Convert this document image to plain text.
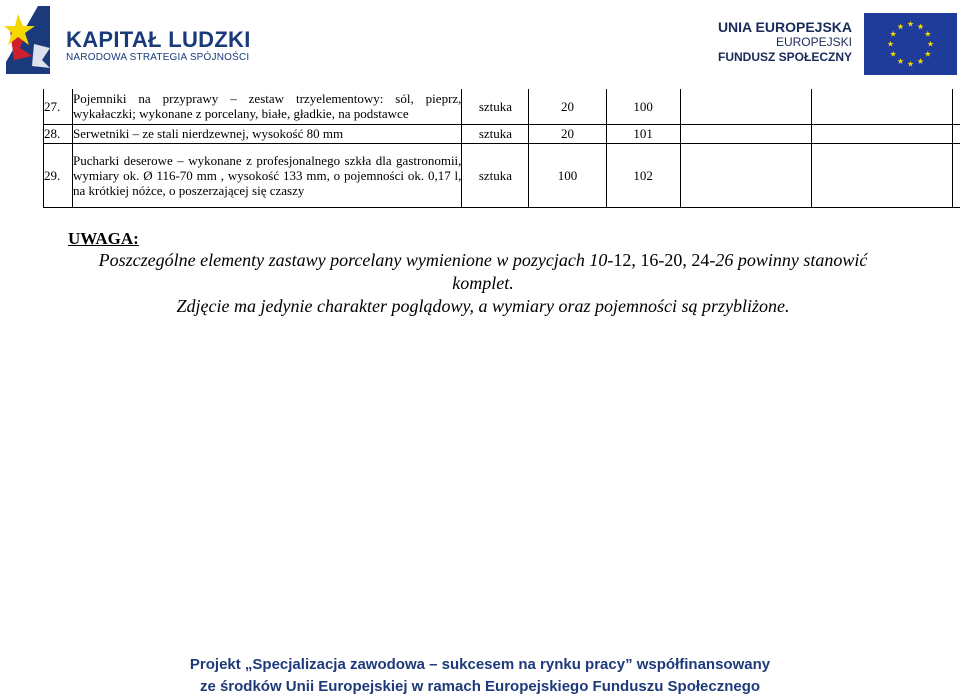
KAPITAŁ LUDZKI
NARODOWA STRATEGIA SPÓJNOŚCI
UNIA EUROPEJSKA
EUROPEJSKI
FUNDUSZ SPOŁECZNY
27.	Pojemniki na przyprawy – zestaw trzyelementowy: sól, pieprz, wykałaczki; wykonane z porcelany, białe, gładkie, na podstawce	sztuka	20	100			
28.	Serwetniki – ze stali nierdzewnej, wysokość 80 mm	sztuka	20	101			
29.	Pucharki deserowe – wykonane z profesjonalnego szkła dla gastronomii, wymiary ok. Ø 116-70 mm , wysokość 133 mm, o pojemności ok. 0,17 l, na krótkiej nóżce, o poszerzającej się czaszy	sztuka	100	102			
UWAGA:
Poszczególne elementy zastawy porcelany wymienione w pozycjach 10-12, 16-20, 24-26 powinny stanowić
komplet.
Zdjęcie ma jedynie charakter poglądowy, a wymiary oraz pojemności są przybliżone.
Projekt „Specjalizacja zawodowa – sukcesem na rynku pracy” współfinansowany
ze środków Unii Europejskiej w ramach Europejskiego Funduszu Społecznego
